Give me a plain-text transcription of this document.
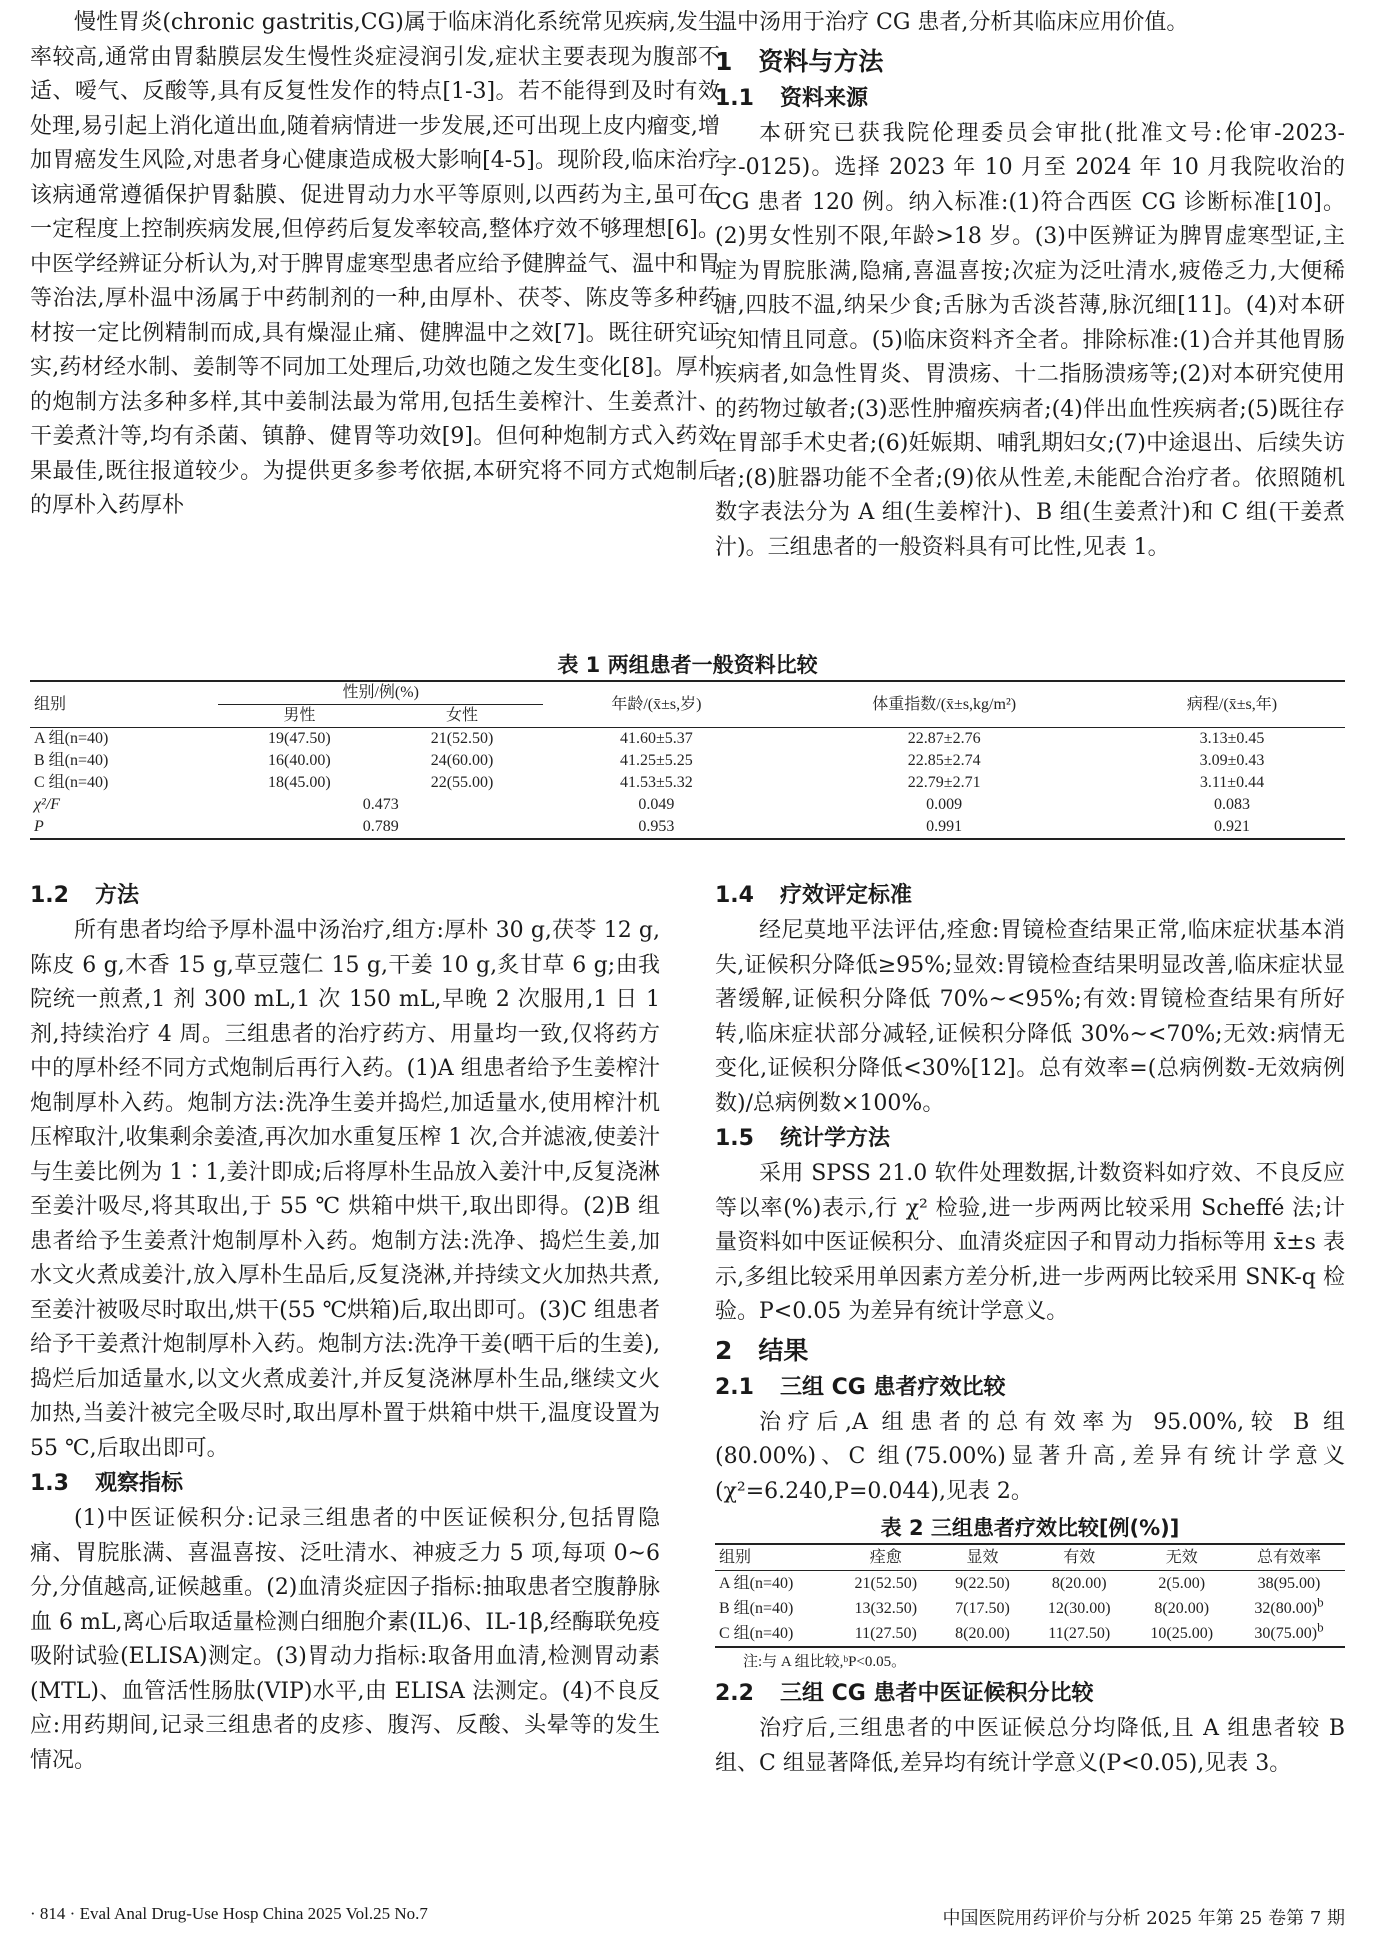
慢性胃炎(chronic gastritis,CG)属于临床消化系统常见疾病,发生率较高,通常由胃黏膜层发生慢性炎症浸润引发,症状主要表现为腹部不适、嗳气、反酸等,具有反复性发作的特点[1-3]。若不能得到及时有效处理,易引起上消化道出血,随着病情进一步发展,还可出现上皮内瘤变,增加胃癌发生风险,对患者身心健康造成极大影响[4-5]。现阶段,临床治疗该病通常遵循保护胃黏膜、促进胃动力水平等原则,以西药为主,虽可在一定程度上控制疾病发展,但停药后复发率较高,整体疗效不够理想[6]。中医学经辨证分析认为,对于脾胃虚寒型患者应给予健脾益气、温中和胃等治法,厚朴温中汤属于中药制剂的一种,由厚朴、茯苓、陈皮等多种药材按一定比例精制而成,具有燥湿止痛、健脾温中之效[7]。既往研究证实,药材经水制、姜制等不同加工处理后,功效也随之发生变化[8]。厚朴的炮制方法多种多样,其中姜制法最为常用,包括生姜榨汁、生姜煮汁、干姜煮汁等,均有杀菌、镇静、健胃等功效[9]。但何种炮制方式入药效果最佳,既往报道较少。为提供更多参考依据,本研究将不同方式炮制后的厚朴入药厚朴

温中汤用于治疗 CG 患者,分析其临床应用价值。

1 资料与方法
1.1 资料来源

本研究已获我院伦理委员会审批(批准文号:伦审-2023-字-0125)。选择 2023 年 10 月至 2024 年 10 月我院收治的 CG 患者 120 例。纳入标准:(1)符合西医 CG 诊断标准[10]。(2)男女性别不限,年龄>18 岁。(3)中医辨证为脾胃虚寒型证,主症为胃脘胀满,隐痛,喜温喜按;次症为泛吐清水,疲倦乏力,大便稀溏,四肢不温,纳呆少食;舌脉为舌淡苔薄,脉沉细[11]。(4)对本研究知情且同意。(5)临床资料齐全者。排除标准:(1)合并其他胃肠疾病者,如急性胃炎、胃溃疡、十二指肠溃疡等;(2)对本研究使用的药物过敏者;(3)恶性肿瘤疾病者;(4)伴出血性疾病者;(5)既往存在胃部手术史者;(6)妊娠期、哺乳期妇女;(7)中途退出、后续失访者;(8)脏器功能不全者;(9)依从性差,未能配合治疗者。依照随机数字表法分为 A 组(生姜榨汁)、B 组(生姜煮汁)和 C 组(干姜煮汁)。三组患者的一般资料具有可比性,见表 1。

表 1 两组患者一般资料比较
组别	性别/例(%)		年龄/(x̄±s,岁)	体重指数/(x̄±s,kg/m²)	病程/(x̄±s,年)
	男性	女性			
A 组(n=40)	19(47.50)	21(52.50)	41.60±5.37	22.87±2.76	3.13±0.45
B 组(n=40)	16(40.00)	24(60.00)	41.25±5.25	22.85±2.74	3.09±0.43
C 组(n=40)	18(45.00)	22(55.00)	41.53±5.32	22.79±2.71	3.11±0.44
χ²/F	0.473		0.049	0.009	0.083
P	0.789		0.953	0.991	0.921
1.2 方法

所有患者均给予厚朴温中汤治疗,组方:厚朴 30 g,茯苓 12 g,陈皮 6 g,木香 15 g,草豆蔻仁 15 g,干姜 10 g,炙甘草 6 g;由我院统一煎煮,1 剂 300 mL,1 次 150 mL,早晚 2 次服用,1 日 1 剂,持续治疗 4 周。三组患者的治疗药方、用量均一致,仅将药方中的厚朴经不同方式炮制后再行入药。(1)A 组患者给予生姜榨汁炮制厚朴入药。炮制方法:洗净生姜并捣烂,加适量水,使用榨汁机压榨取汁,收集剩余姜渣,再次加水重复压榨 1 次,合并滤液,使姜汁与生姜比例为 1∶1,姜汁即成;后将厚朴生品放入姜汁中,反复浇淋至姜汁吸尽,将其取出,于 55 ℃ 烘箱中烘干,取出即得。(2)B 组患者给予生姜煮汁炮制厚朴入药。炮制方法:洗净、捣烂生姜,加水文火煮成姜汁,放入厚朴生品后,反复浇淋,并持续文火加热共煮,至姜汁被吸尽时取出,烘干(55 ℃烘箱)后,取出即可。(3)C 组患者给予干姜煮汁炮制厚朴入药。炮制方法:洗净干姜(晒干后的生姜),捣烂后加适量水,以文火煮成姜汁,并反复浇淋厚朴生品,继续文火加热,当姜汁被完全吸尽时,取出厚朴置于烘箱中烘干,温度设置为 55 ℃,后取出即可。

1.3 观察指标

(1)中医证候积分:记录三组患者的中医证候积分,包括胃隐痛、胃脘胀满、喜温喜按、泛吐清水、神疲乏力 5 项,每项 0~6 分,分值越高,证候越重。(2)血清炎症因子指标:抽取患者空腹静脉血 6 mL,离心后取适量检测白细胞介素(IL)6、IL-1β,经酶联免疫吸附试验(ELISA)测定。(3)胃动力指标:取备用血清,检测胃动素(MTL)、血管活性肠肽(VIP)水平,由 ELISA 法测定。(4)不良反应:用药期间,记录三组患者的皮疹、腹泻、反酸、头晕等的发生情况。

1.4 疗效评定标准

经尼莫地平法评估,痊愈:胃镜检查结果正常,临床症状基本消失,证候积分降低≥95%;显效:胃镜检查结果明显改善,临床症状显著缓解,证候积分降低 70%~<95%;有效:胃镜检查结果有所好转,临床症状部分减轻,证候积分降低 30%~<70%;无效:病情无变化,证候积分降低<30%[12]。总有效率=(总病例数-无效病例数)/总病例数×100%。

1.5 统计学方法

采用 SPSS 21.0 软件处理数据,计数资料如疗效、不良反应等以率(%)表示,行 χ² 检验,进一步两两比较采用 Scheffé 法;计量资料如中医证候积分、血清炎症因子和胃动力指标等用 x̄±s 表示,多组比较采用单因素方差分析,进一步两两比较采用 SNK-q 检验。P<0.05 为差异有统计学意义。

2 结果
2.1 三组 CG 患者疗效比较

治疗后,A 组患者的总有效率为 95.00%,较 B 组(80.00%)、C 组(75.00%)显著升高,差异有统计学意义(χ²=6.240,P=0.044),见表 2。

表 2 三组患者疗效比较[例(%)]
组别	痊愈	显效	有效	无效	总有效率
A 组(n=40)	21(52.50)	9(22.50)	8(20.00)	2(5.00)	38(95.00)
B 组(n=40)	13(32.50)	7(17.50)	12(30.00)	8(20.00)	$32(80.00)^b$
C 组(n=40)	11(27.50)	8(20.00)	11(27.50)	10(25.00)	$30(75.00)^b$
注:与 A 组比较,ᵇP<0.05。
2.2 三组 CG 患者中医证候积分比较

治疗后,三组患者的中医证候总分均降低,且 A 组患者较 B 组、C 组显著降低,差异均有统计学意义(P<0.05),见表 3。

· 814 · Eval Anal Drug-Use Hosp China 2025 Vol.25 No.7	中国医院用药评价与分析 2025 年第 25 卷第 7 期
